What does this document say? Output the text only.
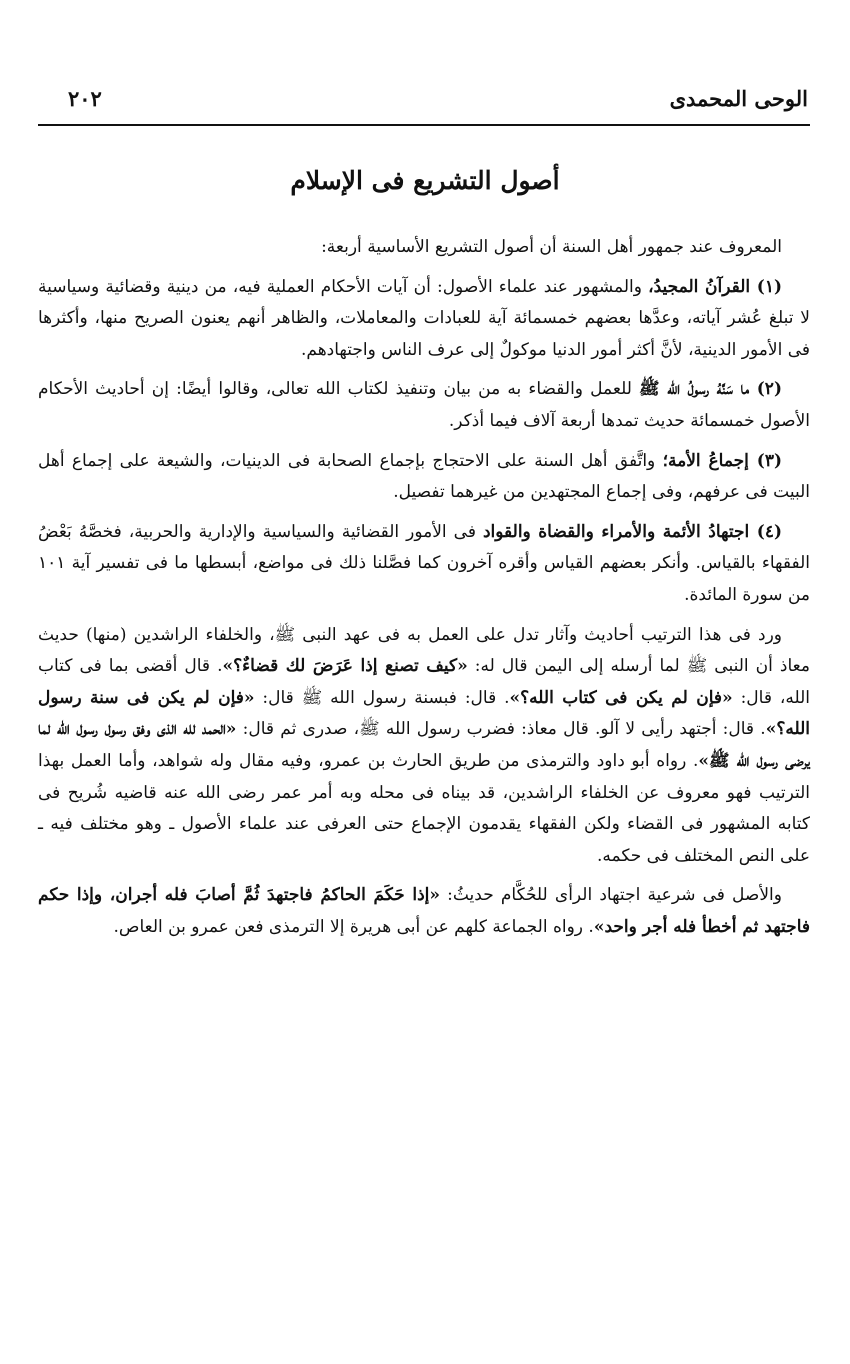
الوحى المحمدى
٢٠٢
أصول التشريع فى الإسلام

المعروف عند جمهور أهل السنة أن أصول التشريع الأساسية أربعة:

(١) القرآنُ المجيدُ، والمشهور عند علماء الأصول: أن آيات الأحكام العملية فيه، من دينية وقضائية وسياسية لا تبلغ عُشر آياته، وعدَّها بعضهم خمسمائة آية للعبادات والمعاملات، والظاهر أنهم يعنون الصريح منها، وأكثرها فى الأمور الدينية، لأنَّ أكثر أمور الدنيا موكولٌ إلى عرف الناس واجتهادهم.

(٢) ما سَنَّهُ رسولُ الله ﷺ للعمل والقضاء به من بيان وتنفيذ لكتاب الله تعالى، وقالوا أيضًا: إن أحاديث الأحكام الأصول خمسمائة حديث تمدها أربعة آلاف فيما أذكر.

(٣) إجماعُ الأمة؛ واتَّفق أهل السنة على الاحتجاج بإجماع الصحابة فى الدينيات، والشيعة على إجماع أهل البيت فى عرفهم، وفى إجماع المجتهدين من غيرهما تفصيل.

(٤) اجتهادُ الأئمة والأمراء والقضاة والقواد فى الأمور القضائية والسياسية والإدارية والحربية، فخصَّهُ بَعْضُ الفقهاء بالقياس. وأنكر بعضهم القياس وأقره آخرون كما فصَّلنا ذلك فى مواضع، أبسطها ما فى تفسير آية ١٠١ من سورة المائدة.

ورد فى هذا الترتيب أحاديث وآثار تدل على العمل به فى عهد النبى ﷺ، والخلفاء الراشدين (منها) حديث معاذ أن النبى ﷺ لما أرسله إلى اليمن قال له: «كيف تصنع إذا عَرَضَ لك قضاءٌ؟». قال أقضى بما فى كتاب الله، قال: «فإن لم يكن فى كتاب الله؟». قال: فبسنة رسول الله ﷺ قال: «فإن لم يكن فى سنة رسول الله؟». قال: أجتهد رأيى لا آلو. قال معاذ: فضرب رسول الله ﷺ، صدرى ثم قال: «الحمد لله الذى وفق رسول رسول الله لما يرضى رسول الله ﷺ». رواه أبو داود والترمذى من طريق الحارث بن عمرو، وفيه مقال وله شواهد، وأما العمل بهذا الترتيب فهو معروف عن الخلفاء الراشدين، قد بيناه فى محله وبه أمر عمر رضى الله عنه قاضيه شُريح فى كتابه المشهور فى القضاء ولكن الفقهاء يقدمون الإجماع حتى العرفى عند علماء الأصول ـ وهو مختلف فيه ـ على النص المختلف فى حكمه.

والأصل فى شرعية اجتهاد الرأى للحُكَّام حديثُ: «إذا حَكَمَ الحاكمُ فاجتهدَ ثُمَّ أصابَ فله أجران، وإذا حكم فاجتهد ثم أخطأ فله أجر واحد». رواه الجماعة كلهم عن أبى هريرة إلا الترمذى فعن عمرو بن العاص.
